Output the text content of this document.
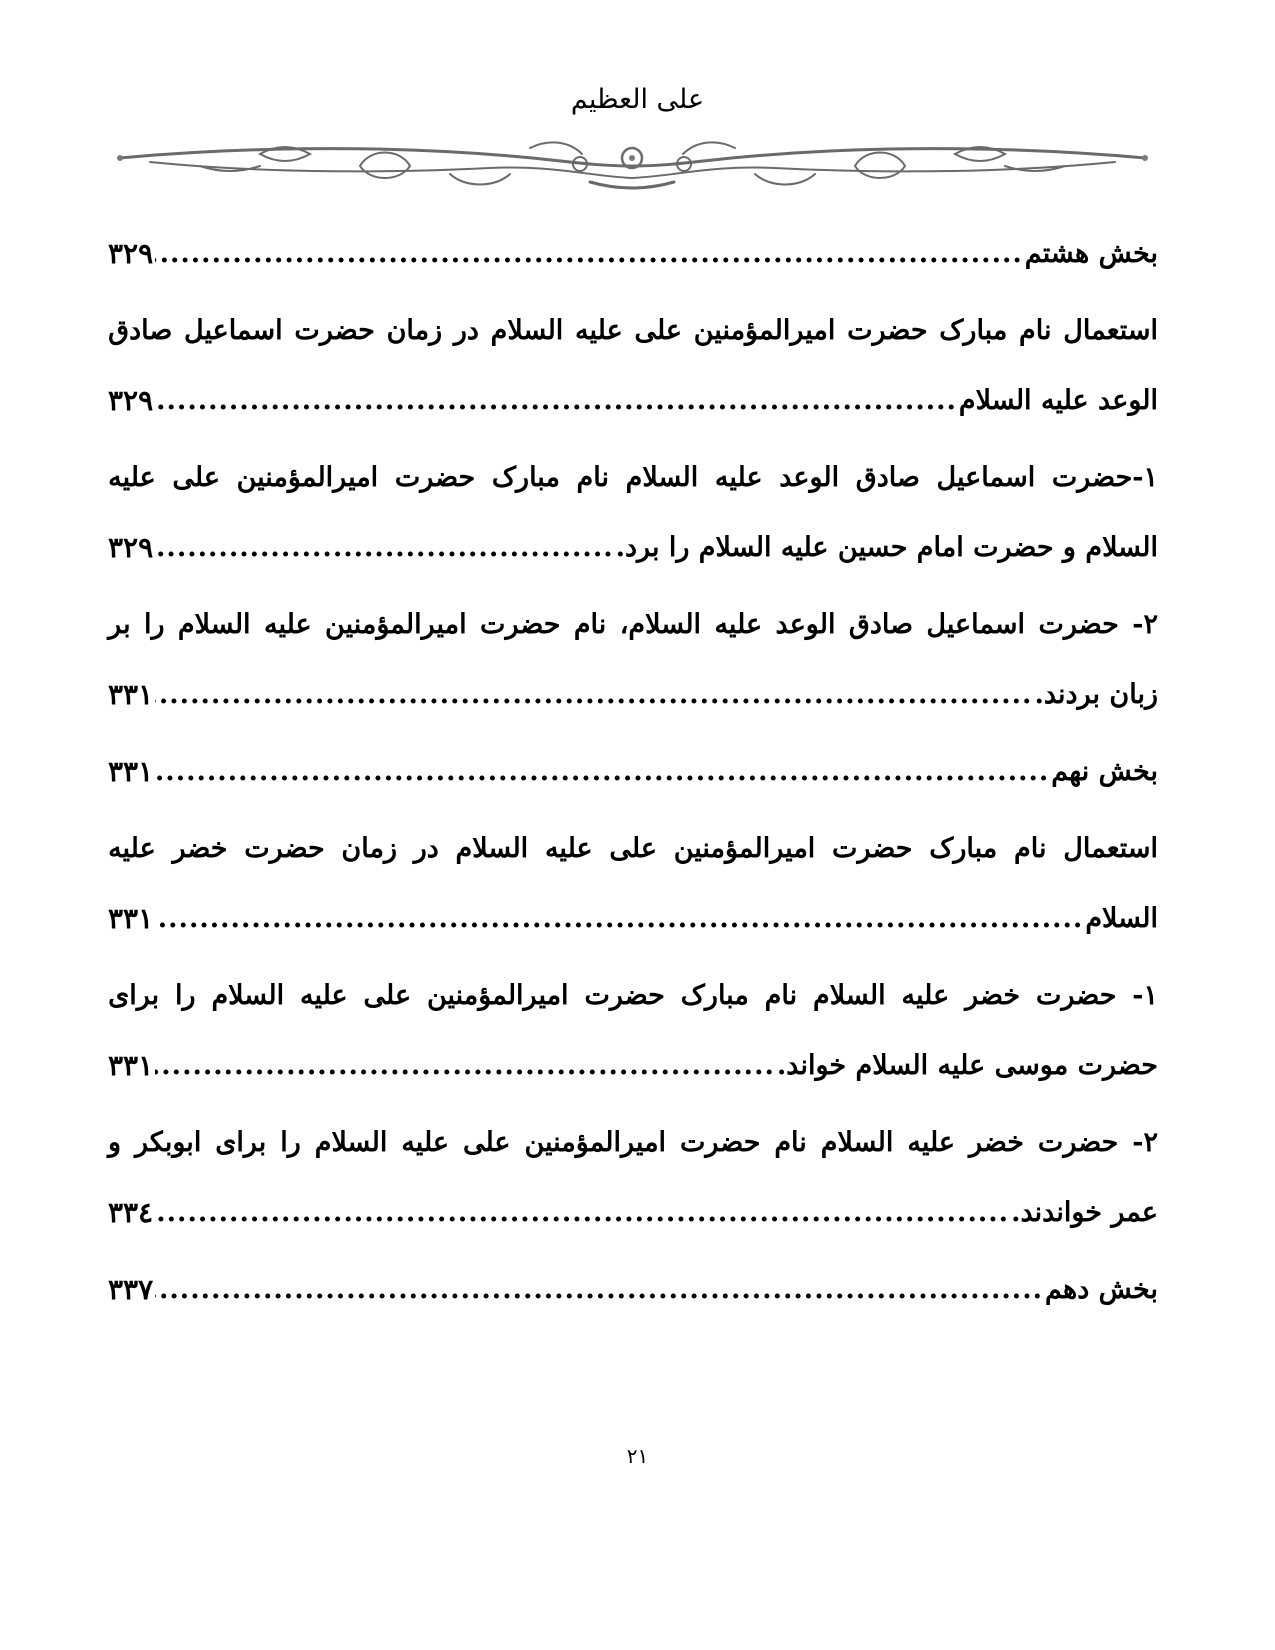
علی العظیم
بخش هشتم
.....
۳۲۹
استعمال
نام
مبارک
حضرت
امیرالمؤمنین
علی
علیه
السلام
در
زمان
حضرت
اسماعیل
صادق
الوعد علیه السلام
.....
۳۲۹
۱-حضرت
اسماعیل
صادق
الوعد
علیه
السلام
نام
مبارک
حضرت
امیرالمؤمنین
علی
علیه
السلام و حضرت امام حسین علیه السلام را برد.
.....
۳۲۹
۲-
حضرت
اسماعیل
صادق
الوعد
علیه
السلام،
نام
حضرت
امیرالمؤمنین
علیه
السلام
را
بر
زبان بردند.
.....
۳۳۱
بخش نهم
.....
۳۳۱
استعمال
نام
مبارک
حضرت
امیرالمؤمنین
علی
علیه
السلام
در
زمان
حضرت
خضر
علیه
السلام
.....
۳۳۱
۱-
حضرت
خضر
علیه
السلام
نام
مبارک
حضرت
امیرالمؤمنین
علی
علیه
السلام
را
برای
حضرت موسی علیه السلام خواند.
.....
۳۳۱
۲-
حضرت
خضر
علیه
السلام
نام
حضرت
امیرالمؤمنین
علی
علیه
السلام
را
برای
ابوبکر
و
عمر خواندند.
.....
۳۳٤
بخش دهم
.....
۳۳۷
۲۱
